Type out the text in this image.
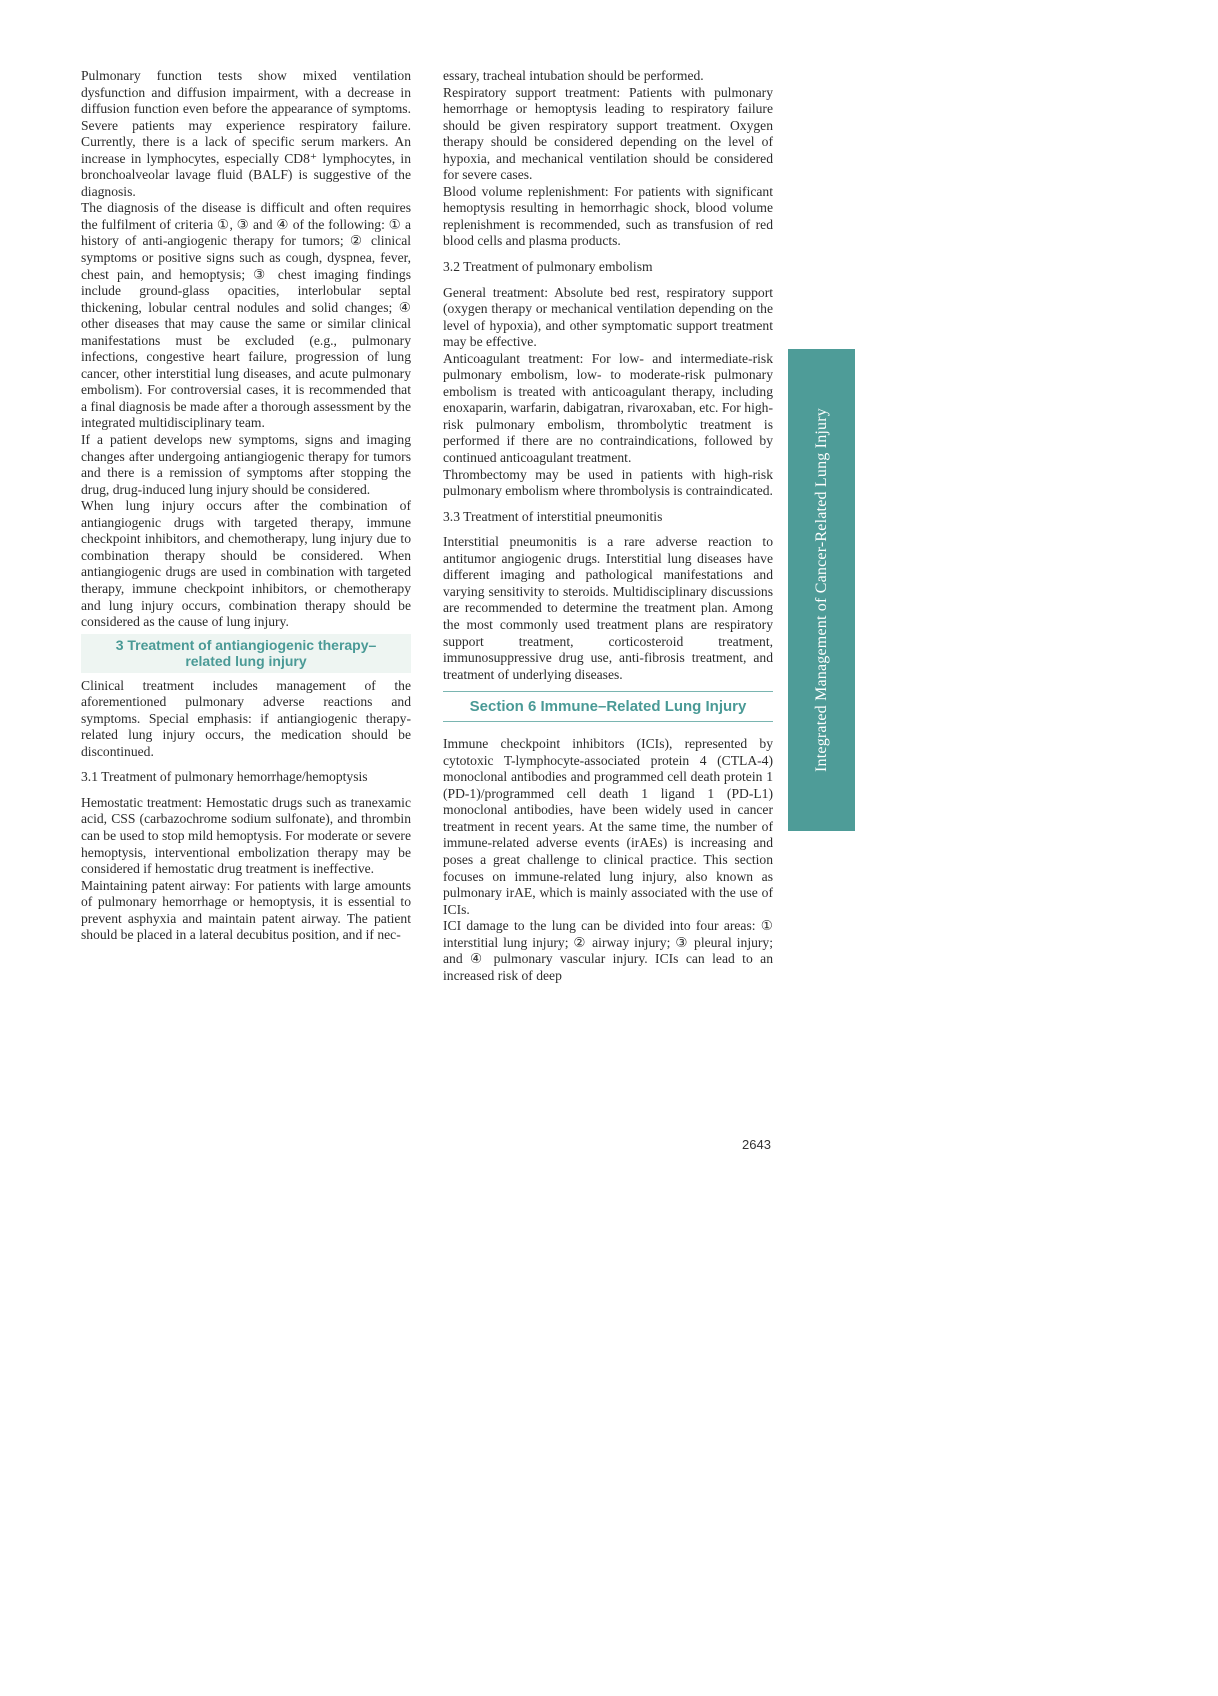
Pulmonary function tests show mixed ventilation dysfunction and diffusion impairment, with a decrease in diffusion function even before the appearance of symptoms. Severe patients may experience respiratory failure. Currently, there is a lack of specific serum markers. An increase in lymphocytes, especially CD8⁺ lymphocytes, in bronchoalveolar lavage fluid (BALF) is suggestive of the diagnosis.

The diagnosis of the disease is difficult and often requires the fulfilment of criteria ①, ③ and ④ of the following: ① a history of anti-angiogenic therapy for tumors; ② clinical symptoms or positive signs such as cough, dyspnea, fever, chest pain, and hemoptysis; ③ chest imaging findings include ground-glass opacities, interlobular septal thickening, lobular central nodules and solid changes; ④ other diseases that may cause the same or similar clinical manifestations must be excluded (e.g., pulmonary infections, congestive heart failure, progression of lung cancer, other interstitial lung diseases, and acute pulmonary embolism). For controversial cases, it is recommended that a final diagnosis be made after a thorough assessment by the integrated multidisciplinary team.

If a patient develops new symptoms, signs and imaging changes after undergoing antiangiogenic therapy for tumors and there is a remission of symptoms after stopping the drug, drug-induced lung injury should be considered.

When lung injury occurs after the combination of antiangiogenic drugs with targeted therapy, immune checkpoint inhibitors, and chemotherapy, lung injury due to combination therapy should be considered. When antiangiogenic drugs are used in combination with targeted therapy, immune checkpoint inhibitors, or chemotherapy and lung injury occurs, combination therapy should be considered as the cause of lung injury.

3 Treatment of antiangiogenic therapy–
related lung injury

Clinical treatment includes management of the aforementioned pulmonary adverse reactions and symptoms. Special emphasis: if antiangiogenic therapy-related lung injury occurs, the medication should be discontinued.

3.1 Treatment of pulmonary hemorrhage/hemoptysis

Hemostatic treatment: Hemostatic drugs such as tranexamic acid, CSS (carbazochrome sodium sulfonate), and thrombin can be used to stop mild hemoptysis. For moderate or severe hemoptysis, interventional embolization therapy may be considered if hemostatic drug treatment is ineffective.

Maintaining patent airway: For patients with large amounts of pulmonary hemorrhage or hemoptysis, it is essential to prevent asphyxia and maintain patent airway. The patient should be placed in a lateral decubitus position, and if nec-

essary, tracheal intubation should be performed.

Respiratory support treatment: Patients with pulmonary hemorrhage or hemoptysis leading to respiratory failure should be given respiratory support treatment. Oxygen therapy should be considered depending on the level of hypoxia, and mechanical ventilation should be considered for severe cases.

Blood volume replenishment: For patients with significant hemoptysis resulting in hemorrhagic shock, blood volume replenishment is recommended, such as transfusion of red blood cells and plasma products.

3.2 Treatment of pulmonary embolism

General treatment: Absolute bed rest, respiratory support (oxygen therapy or mechanical ventilation depending on the level of hypoxia), and other symptomatic support treatment may be effective.

Anticoagulant treatment: For low- and intermediate-risk pulmonary embolism, low- to moderate-risk pulmonary embolism is treated with anticoagulant therapy, including enoxaparin, warfarin, dabigatran, rivaroxaban, etc. For high-risk pulmonary embolism, thrombolytic treatment is performed if there are no contraindications, followed by continued anticoagulant treatment.

Thrombectomy may be used in patients with high-risk pulmonary embolism where thrombolysis is contraindicated.

3.3 Treatment of interstitial pneumonitis

Interstitial pneumonitis is a rare adverse reaction to antitumor angiogenic drugs. Interstitial lung diseases have different imaging and pathological manifestations and varying sensitivity to steroids. Multidisciplinary discussions are recommended to determine the treatment plan. Among the most commonly used treatment plans are respiratory support treatment, corticosteroid treatment, immunosuppressive drug use, anti-fibrosis treatment, and treatment of underlying diseases.

Section 6 Immune–Related Lung Injury

Immune checkpoint inhibitors (ICIs), represented by cytotoxic T-lymphocyte-associated protein 4 (CTLA-4) monoclonal antibodies and programmed cell death protein 1 (PD-1)/programmed cell death 1 ligand 1 (PD-L1) monoclonal antibodies, have been widely used in cancer treatment in recent years. At the same time, the number of immune-related adverse events (irAEs) is increasing and poses a great challenge to clinical practice. This section focuses on immune-related lung injury, also known as pulmonary irAE, which is mainly associated with the use of ICIs.

ICI damage to the lung can be divided into four areas: ① interstitial lung injury; ② airway injury; ③ pleural injury; and ④ pulmonary vascular injury. ICIs can lead to an increased risk of deep

Integrated Management of Cancer-Related Lung Injury
2643
